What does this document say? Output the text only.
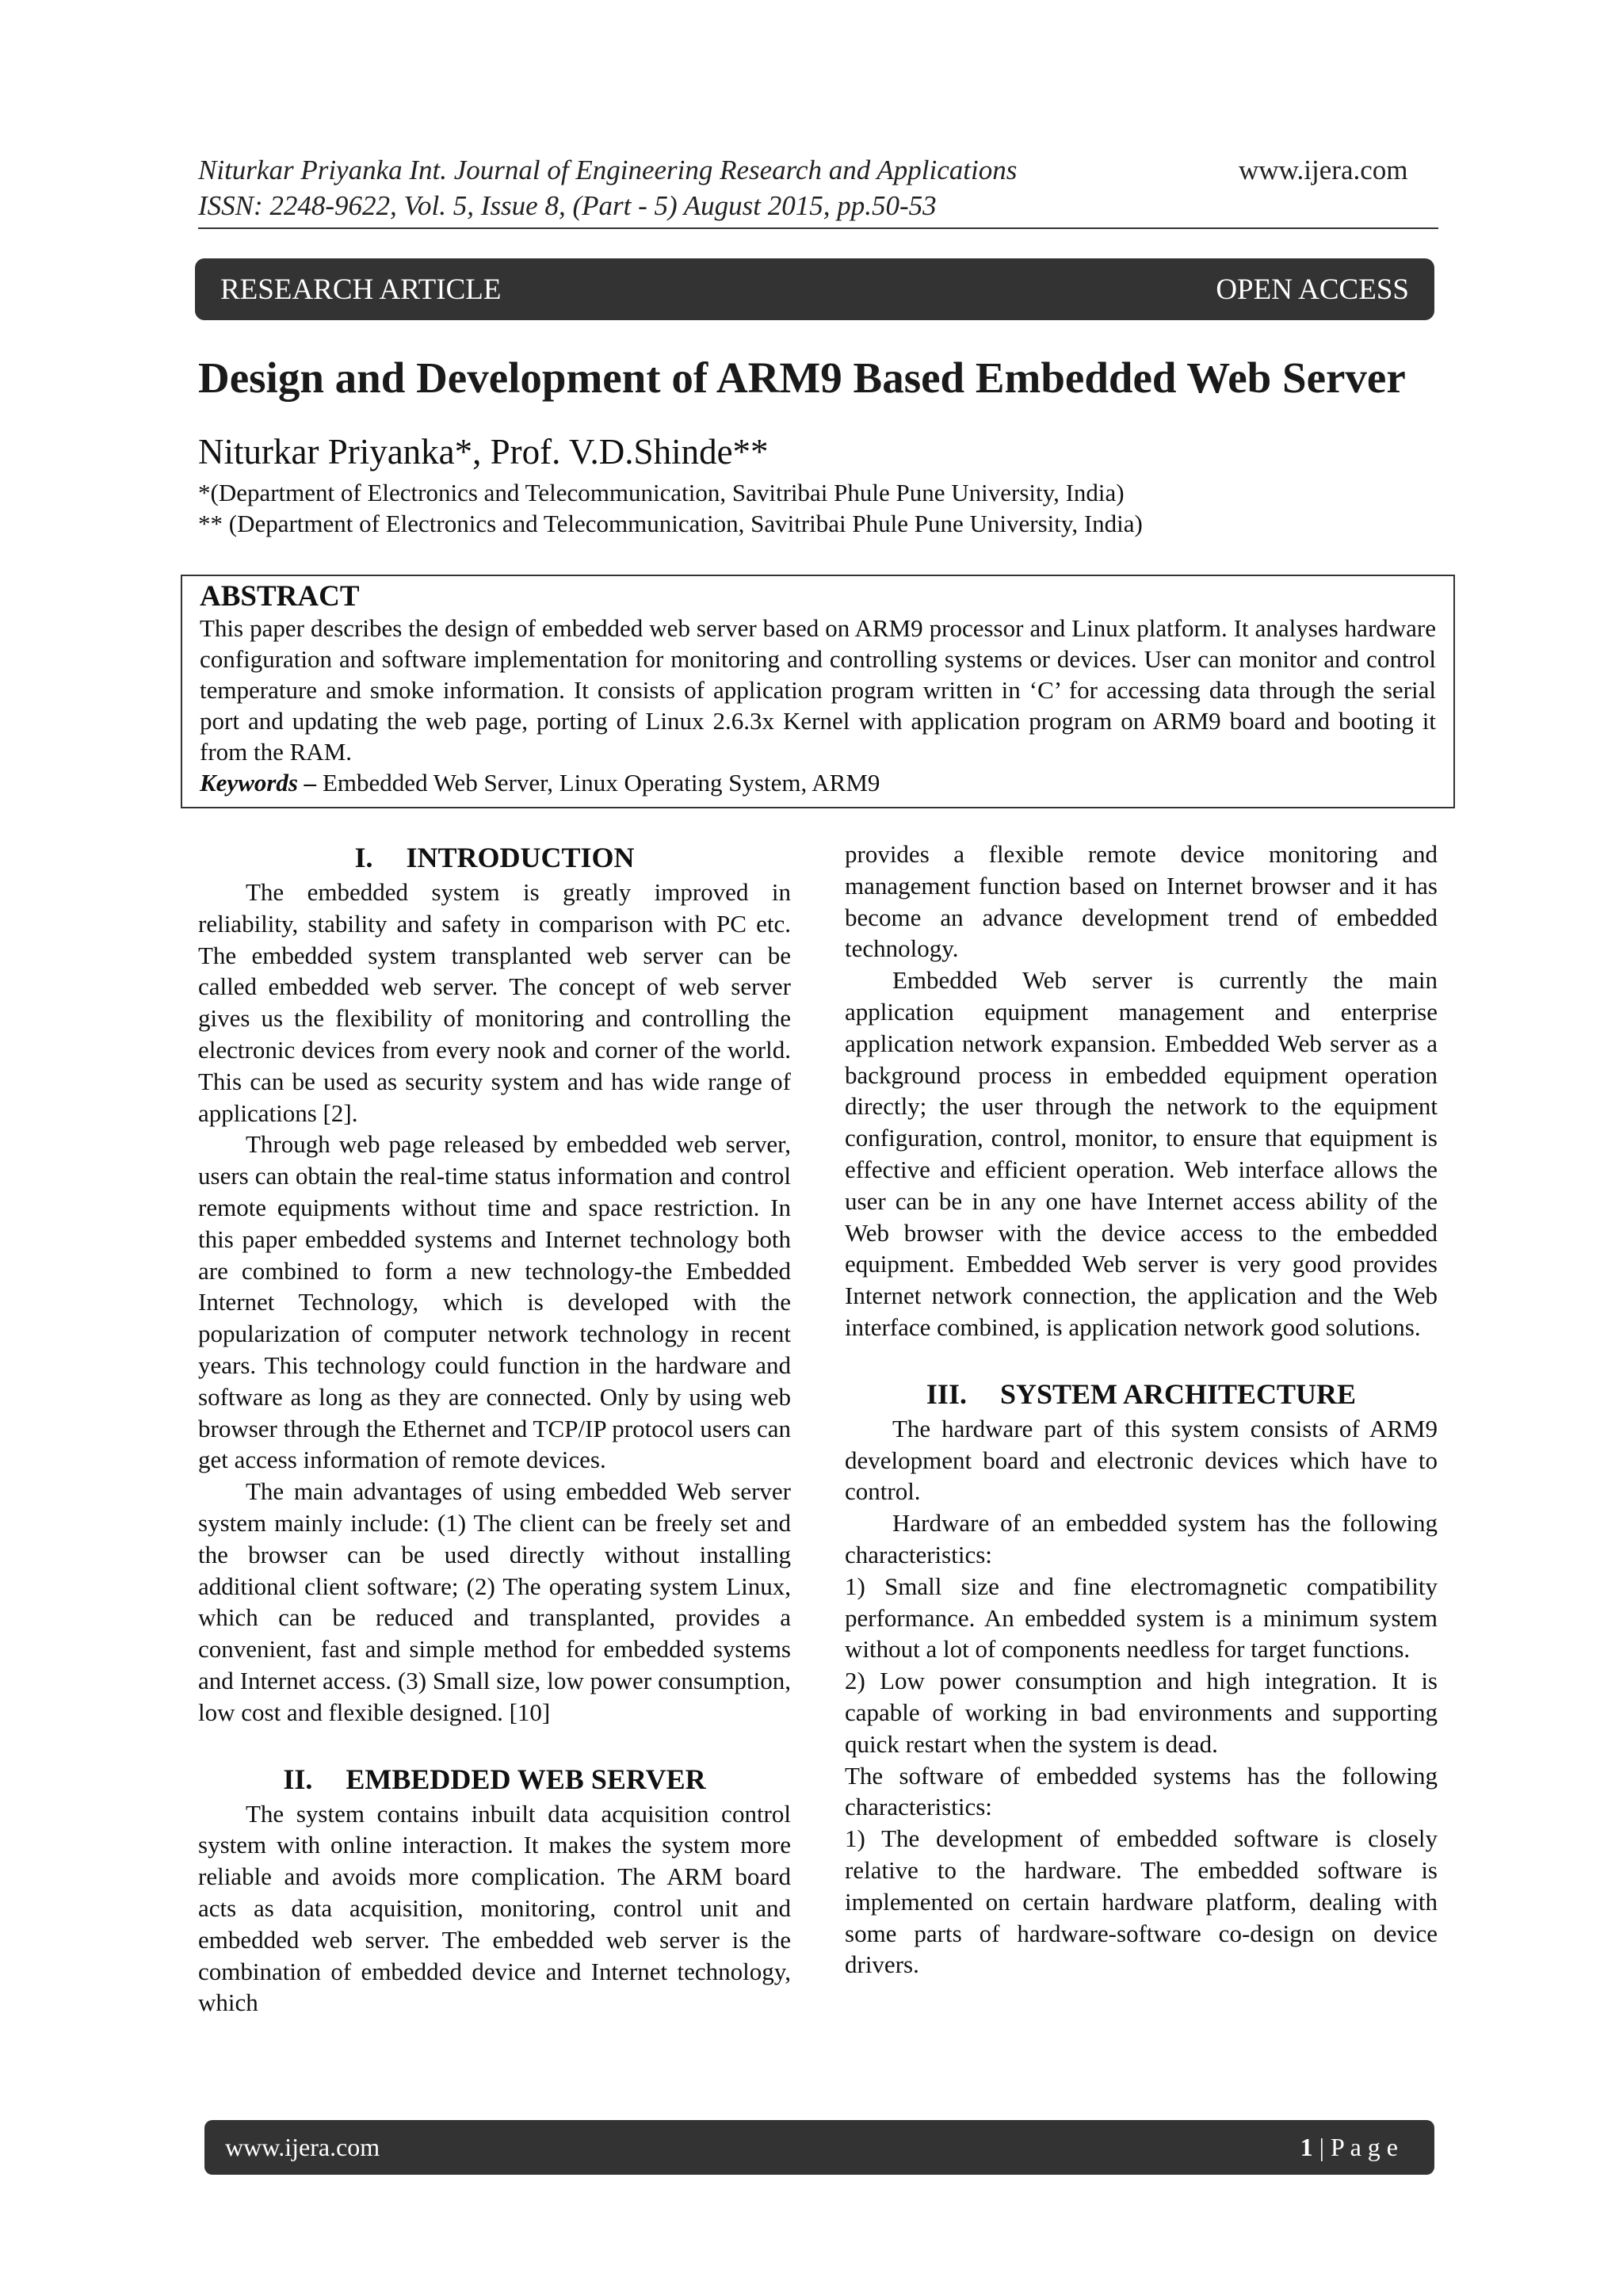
Niturkar Priyanka Int. Journal of Engineering Research and Applications
ISSN: 2248-9622, Vol. 5, Issue 8, (Part - 5) August 2015, pp.50-53
www.ijera.com
RESEARCH ARTICLE	OPEN ACCESS
Design and Development of ARM9 Based Embedded Web Server
Niturkar Priyanka*, Prof. V.D.Shinde**
*(Department of Electronics and Telecommunication, Savitribai Phule Pune University, India)
** (Department of Electronics and Telecommunication, Savitribai Phule Pune University, India)
ABSTRACT
This paper describes the design of embedded web server based on ARM9 processor and Linux platform. It analyses hardware configuration and software implementation for monitoring and controlling systems or devices. User can monitor and control temperature and smoke information. It consists of application program written in ‘C’ for accessing data through the serial port and updating the web page, porting of Linux 2.6.3x Kernel with application program on ARM9 board and booting it from the RAM.
Keywords – Embedded Web Server, Linux Operating System, ARM9
I. INTRODUCTION

The embedded system is greatly improved in reliability, stability and safety in comparison with PC etc. The embedded system transplanted web server can be called embedded web server. The concept of web server gives us the flexibility of monitoring and controlling the electronic devices from every nook and corner of the world. This can be used as security system and has wide range of applications [2].

Through web page released by embedded web server, users can obtain the real-time status information and control remote equipments without time and space restriction. In this paper embedded systems and Internet technology both are combined to form a new technology-the Embedded Internet Technology, which is developed with the popularization of computer network technology in recent years. This technology could function in the hardware and software as long as they are connected. Only by using web browser through the Ethernet and TCP/IP protocol users can get access information of remote devices.

The main advantages of using embedded Web server system mainly include: (1) The client can be freely set and the browser can be used directly without installing additional client software; (2) The operating system Linux, which can be reduced and transplanted, provides a convenient, fast and simple method for embedded systems and Internet access. (3) Small size, low power consumption, low cost and flexible designed. [10]

II. EMBEDDED WEB SERVER

The system contains inbuilt data acquisition control system with online interaction. It makes the system more reliable and avoids more complication. The ARM board acts as data acquisition, monitoring, control unit and embedded web server. The embedded web server is the combination of embedded device and Internet technology, which

provides a flexible remote device monitoring and management function based on Internet browser and it has become an advance development trend of embedded technology.

Embedded Web server is currently the main application equipment management and enterprise application network expansion. Embedded Web server as a background process in embedded equipment operation directly; the user through the network to the equipment configuration, control, monitor, to ensure that equipment is effective and efficient operation. Web interface allows the user can be in any one have Internet access ability of the Web browser with the device access to the embedded equipment. Embedded Web server is very good provides Internet network connection, the application and the Web interface combined, is application network good solutions.

III. SYSTEM ARCHITECTURE

The hardware part of this system consists of ARM9 development board and electronic devices which have to control.

Hardware of an embedded system has the following characteristics:

1) Small size and fine electromagnetic compatibility performance. An embedded system is a minimum system without a lot of components needless for target functions.

2) Low power consumption and high integration. It is capable of working in bad environments and supporting quick restart when the system is dead.

The software of embedded systems has the following characteristics:

1) The development of embedded software is closely relative to the hardware. The embedded software is implemented on certain hardware platform, dealing with some parts of hardware-software co-design on device drivers.

www.ijera.com	1 | P a g e
